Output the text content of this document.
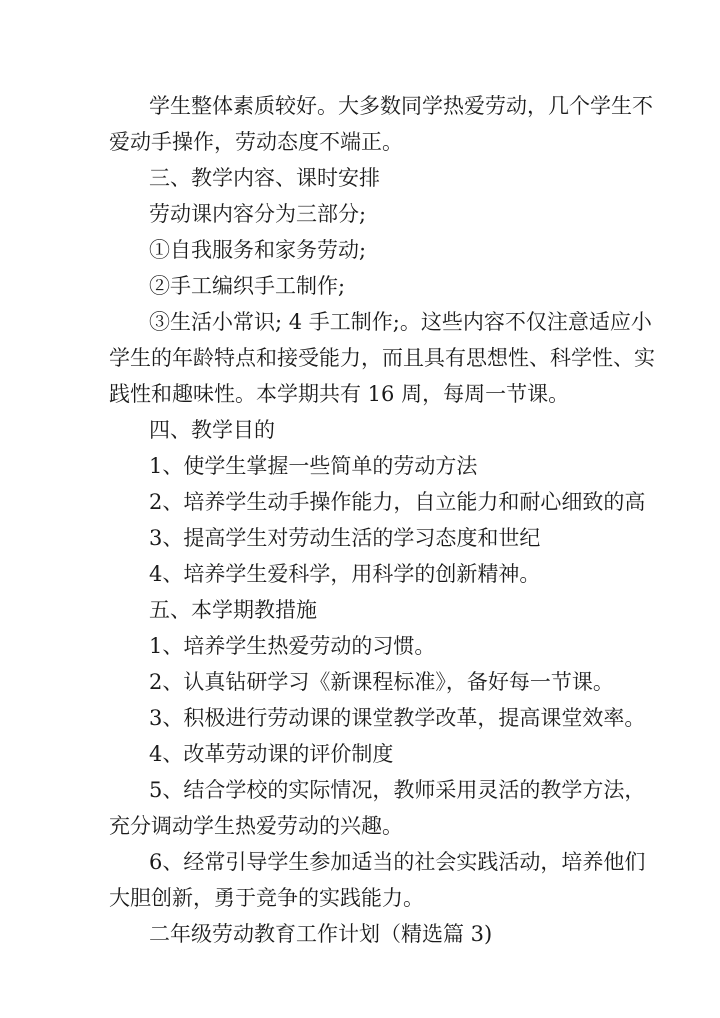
学生整体素质较好。大多数同学热爱劳动，几个学生不
爱动手操作，劳动态度不端正。
三、教学内容、课时安排
劳动课内容分为三部分;
①自我服务和家务劳动;
②手工编织手工制作;
③生活小常识; 4 手工制作;。这些内容不仅注意适应小
学生的年龄特点和接受能力，而且具有思想性、科学性、实
践性和趣味性。本学期共有 16 周，每周一节课。
四、教学目的
1、使学生掌握一些简单的劳动方法
2、培养学生动手操作能力，自立能力和耐心细致的高
3、提高学生对劳动生活的学习态度和世纪
4、培养学生爱科学，用科学的创新精神。
五、本学期教措施
1、培养学生热爱劳动的习惯。
2、认真钻研学习《新课程标准》，备好每一节课。
3、积极进行劳动课的课堂教学改革，提高课堂效率。
4、改革劳动课的评价制度
5、结合学校的实际情况，教师采用灵活的教学方法，
充分调动学生热爱劳动的兴趣。
6、经常引导学生参加适当的社会实践活动，培养他们
大胆创新，勇于竞争的实践能力。
二年级劳动教育工作计划（精选篇 3)
